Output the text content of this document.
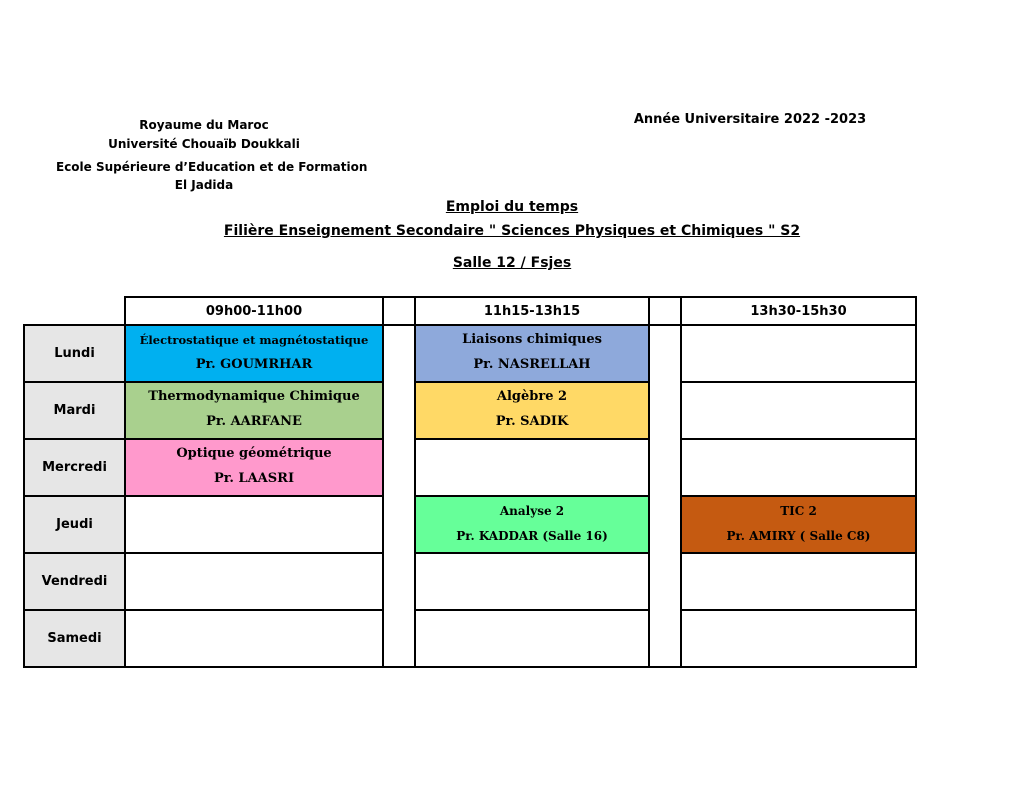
Royaume du Maroc
Université Chouaïb Doukkali
Ecole Supérieure d’Education et de Formation
El Jadida
Année Universitaire 2022 -2023
Emploi du temps
Filière Enseignement Secondaire " Sciences Physiques et Chimiques " S2
Salle 12 / Fsjes
09h00-11h00	11h15-13h15	13h30-15h30
Lundi
Mardi
Mercredi
Jeudi
Vendredi
Samedi
Électrostatique et magnétostatique
Pr. GOUMRHAR
Liaisons chimiques
Pr. NASRELLAH
Thermodynamique Chimique
Pr. AARFANE
Algèbre 2
Pr. SADIK
Optique géométrique
Pr. LAASRI
Analyse 2
Pr. KADDAR (Salle 16)
TIC 2
Pr. AMIRY ( Salle C8)
